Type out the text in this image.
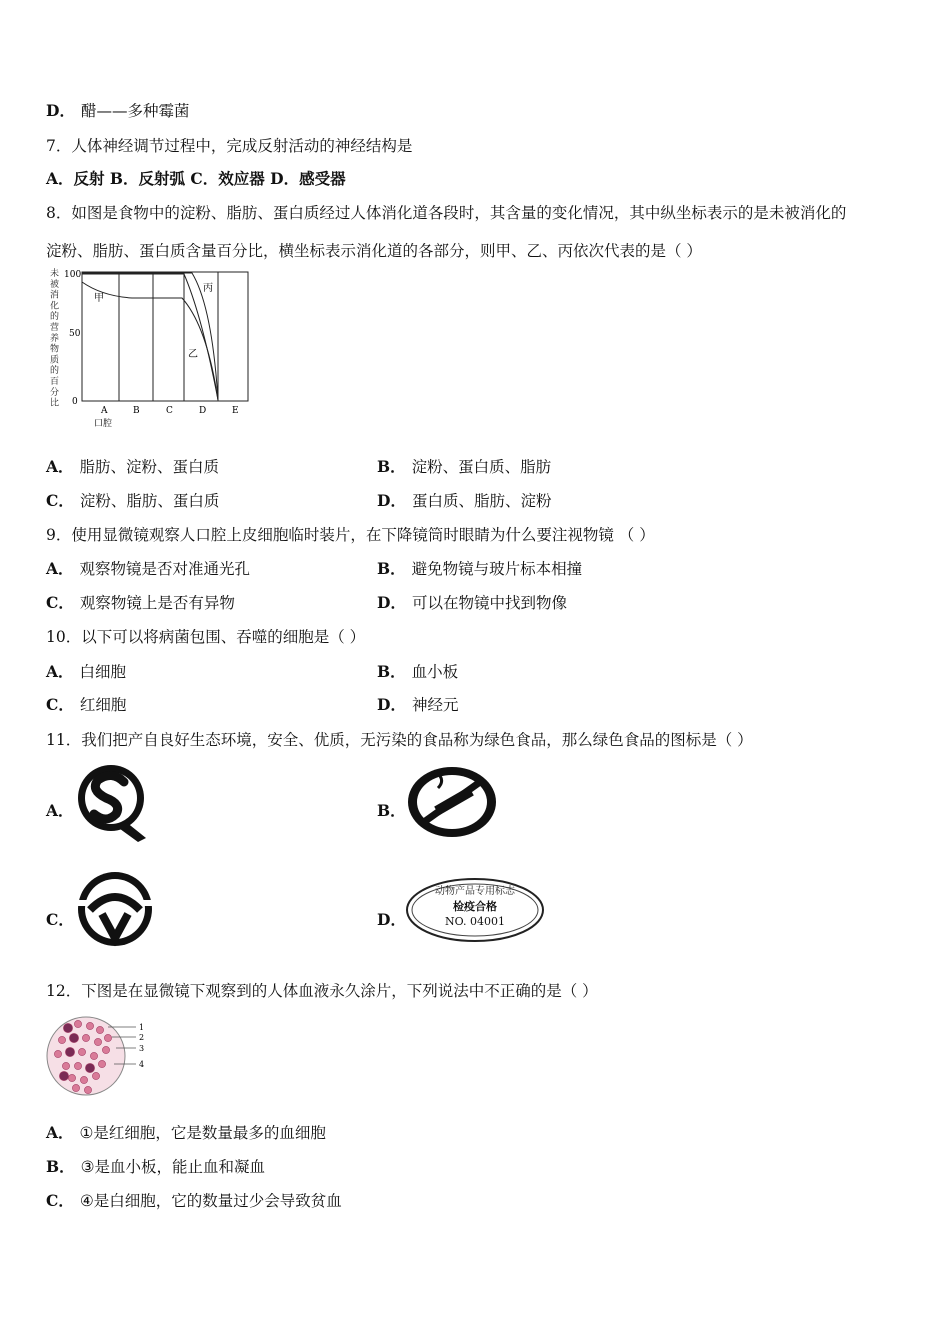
D． 醋——多种霉菌
7．人体神经调节过程中，完成反射活动的神经结构是
A．反射 B．反射弧 C．效应器 D．感受器
8．如图是食物中的淀粉、脂肪、蛋白质经过人体消化道各段时，其含量的变化情况，其中纵坐标表示的是未被消化的
淀粉、脂肪、蛋白质含量百分比，横坐标表示消化道的各部分，则甲、乙、丙依次代表的是（ ）
未被消化的营养物质的百分比
100
50
0
甲
乙
丙
A	B	C	D	E
口腔
A． 脂肪、淀粉、蛋白质	B． 淀粉、蛋白质、脂肪
C． 淀粉、脂肪、蛋白质	D． 蛋白质、脂肪、淀粉
9．使用显微镜观察人口腔上皮细胞临时装片，在下降镜筒时眼睛为什么要注视物镜 （ ）
A． 观察物镜是否对准通光孔	B． 避免物镜与玻片标本相撞
C． 观察物镜上是否有异物	D． 可以在物镜中找到物像
10．以下可以将病菌包围、吞噬的细胞是（ ）
A． 白细胞	B． 血小板
C． 红细胞	D． 神经元
11．我们把产自良好生态环境，安全、优质，无污染的食品称为绿色食品，那么绿色食品的图标是（ ）
A．	B．
C．	D．
动物产品专用标志
检疫合格
NO. 04001
12．下图是在显微镜下观察到的人体血液永久涂片，下列说法中不正确的是（ ）
1
2
3
4
A． ①是红细胞，它是数量最多的血细胞
B． ③是血小板，能止血和凝血
C． ④是白细胞，它的数量过少会导致贫血
